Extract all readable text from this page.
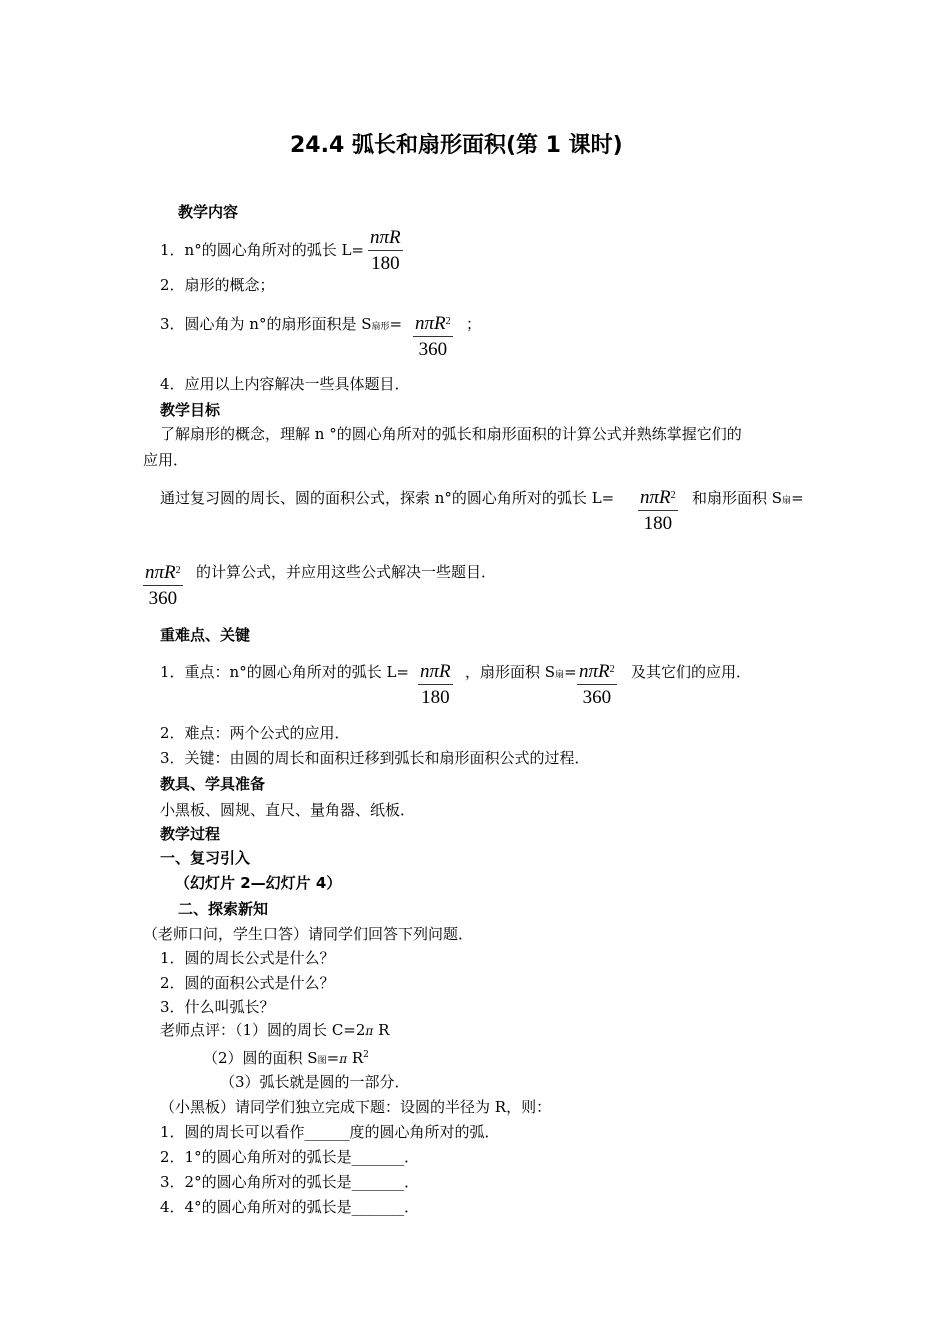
24.4 弧长和扇形面积(第 1 课时)
教学内容
1．n°的圆心角所对的弧长 L=
nπR
180
2．扇形的概念；
3．圆心角为 n°的扇形面积是 S扇形= nπR$^2$
360
；
4．应用以上内容解决一些具体题目．
教学目标
了解扇形的概念，理解 n °的圆心角所对的弧长和扇形面积的计算公式并熟练掌握它们的
应用．
通过复习圆的周长、圆的面积公式，探索 n°的圆心角所对的弧长 L= nπR$^2$
180
和扇形面积 S扇=
nπR$^2$
360
的计算公式，并应用这些公式解决一些题目．
重难点、关键
1．重点：n°的圆心角所对的弧长 L= nπR
180
，扇形面积 S扇= nπR$^2$
360
及其它们的应用．
2．难点：两个公式的应用．
3．关键：由圆的周长和面积迁移到弧长和扇形面积公式的过程．
教具、学具准备
小黑板、圆规、直尺、量角器、纸板．
教学过程
一、复习引入
（幻灯片 2—幻灯片 4）
二、探索新知
（老师口问，学生口答）请同学们回答下列问题．
1．圆的周长公式是什么？
2．圆的面积公式是什么？
3．什么叫弧长？
老师点评：（1）圆的周长 C=2π R
（2）圆的面积 S图=π $R^2$
（3）弧长就是圆的一部分．
（小黑板）请同学们独立完成下题：设圆的半径为 R，则：
1．圆的周长可以看作______度的圆心角所对的弧．
2．1°的圆心角所对的弧长是_______．
3．2°的圆心角所对的弧长是_______．
4．4°的圆心角所对的弧长是_______．
